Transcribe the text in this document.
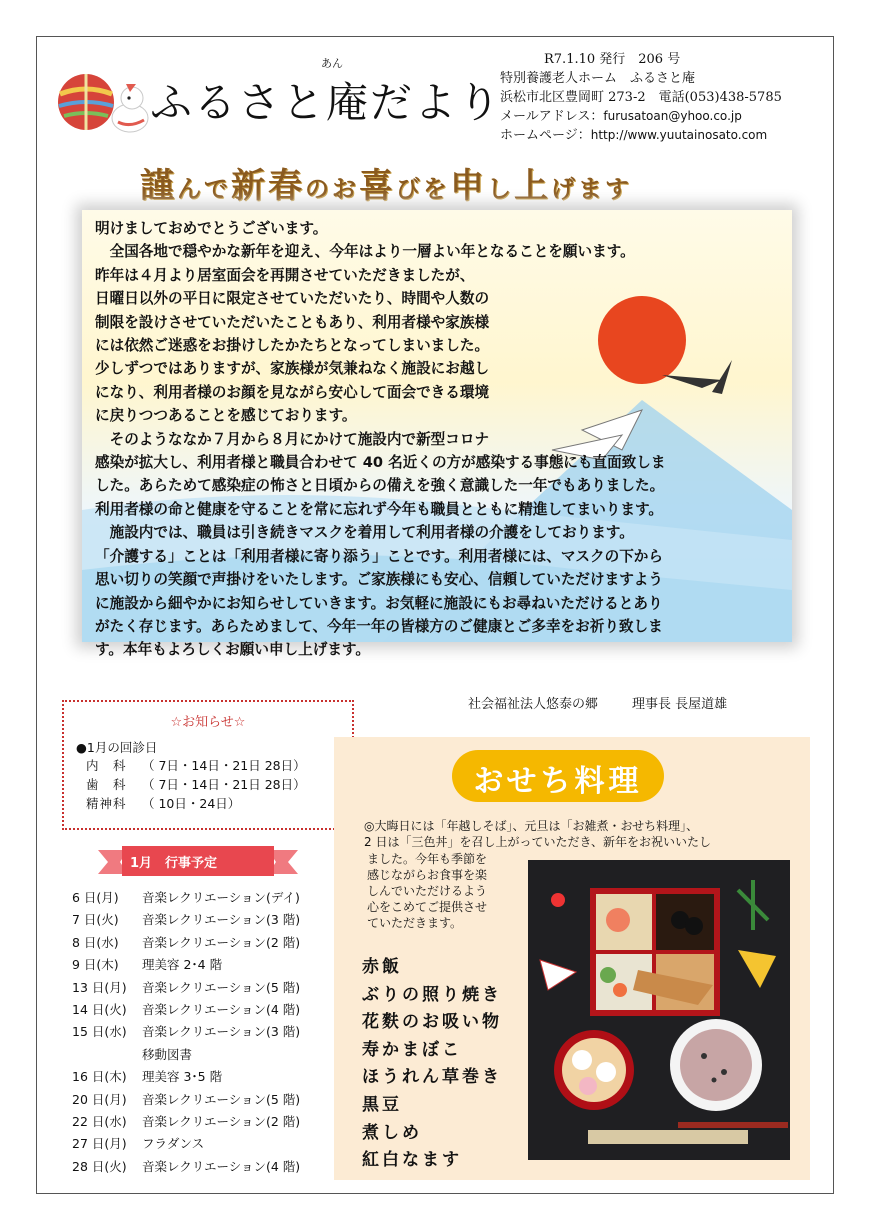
あん
ふるさと庵だより
R7.1.10 発行　206 号
特別養護老人ホーム　ふるさと庵
浜松市北区豊岡町 273-2　電話(053)438-5785
メールアドレス：furusatoan@yhoo.co.jp
ホームページ：http://www.yuutainosato.com
謹んで新春のお喜びを申し上げます

明けましておめでとうございます。

　全国各地で穏やかな新年を迎え、今年はより一層よい年となることを願います。

昨年は４月より居室面会を再開させていただきましたが、

日曜日以外の平日に限定させていただいたり、時間や人数の

制限を設けさせていただいたこともあり、利用者様や家族様

には依然ご迷惑をお掛けしたかたちとなってしまいました。

少しずつではありますが、家族様が気兼ねなく施設にお越し

になり、利用者様のお顔を見ながら安心して面会できる環境

に戻りつつあることを感じております。

　そのようななか７月から８月にかけて施設内で新型コロナ

感染が拡大し、利用者様と職員合わせて 40 名近くの方が感染する事態にも直面致しま

した。あらためて感染症の怖さと日頃からの備えを強く意識した一年でもありました。

利用者様の命と健康を守ることを常に忘れず今年も職員とともに精進してまいります。

　施設内では、職員は引き続きマスクを着用して利用者様の介護をしております。

「介護する」ことは「利用者様に寄り添う」ことです。利用者様には、マスクの下から

思い切りの笑顔で声掛けをいたします。ご家族様にも安心、信頼していただけますよう

に施設から細やかにお知らせしていきます。お気軽に施設にもお尋ねいただけるとあり

がたく存じます。あらためまして、今年一年の皆様方のご健康とご多幸をお祈り致しま

す。本年もよろしくお願い申し上げます。

社会福祉法人悠泰の郷	理事長 長屋道雄
☆お知らせ☆
●1月の回診日
内　科	（ 7日・14日・21日 28日）
歯　科	（ 7日・14日・21日 28日）
精神科	（ 10日・24日）
1月　行事予定
6 日(月)	音楽レクリエーション(デイ)
7 日(火)	音楽レクリエーション(3 階)
8 日(水)	音楽レクリエーション(2 階)
9 日(木)	理美容 2･4 階
13 日(月)	音楽レクリエーション(5 階)
14 日(火)	音楽レクリエーション(4 階)
15 日(水)	音楽レクリエーション(3 階)
移動図書
16 日(木)	理美容 3･5 階
20 日(月)	音楽レクリエーション(5 階)
22 日(水)	音楽レクリエーション(2 階)
27 日(月)	フラダンス
28 日(火)	音楽レクリエーション(4 階)
おせち料理

◎大晦日には「年越しそば」、元旦は「お雑煮・おせち料理」、

2 日は「三色丼」を召し上がっていただき、新年をお祝いいたし

ました。今年も季節を

感じながらお食事を楽

しんでいただけるよう

心をこめてご提供させ

ていただきます。

赤飯
ぶりの照り焼き
花麩のお吸い物
寿かまぼこ
ほうれん草巻き
黒豆
煮しめ
紅白なます
